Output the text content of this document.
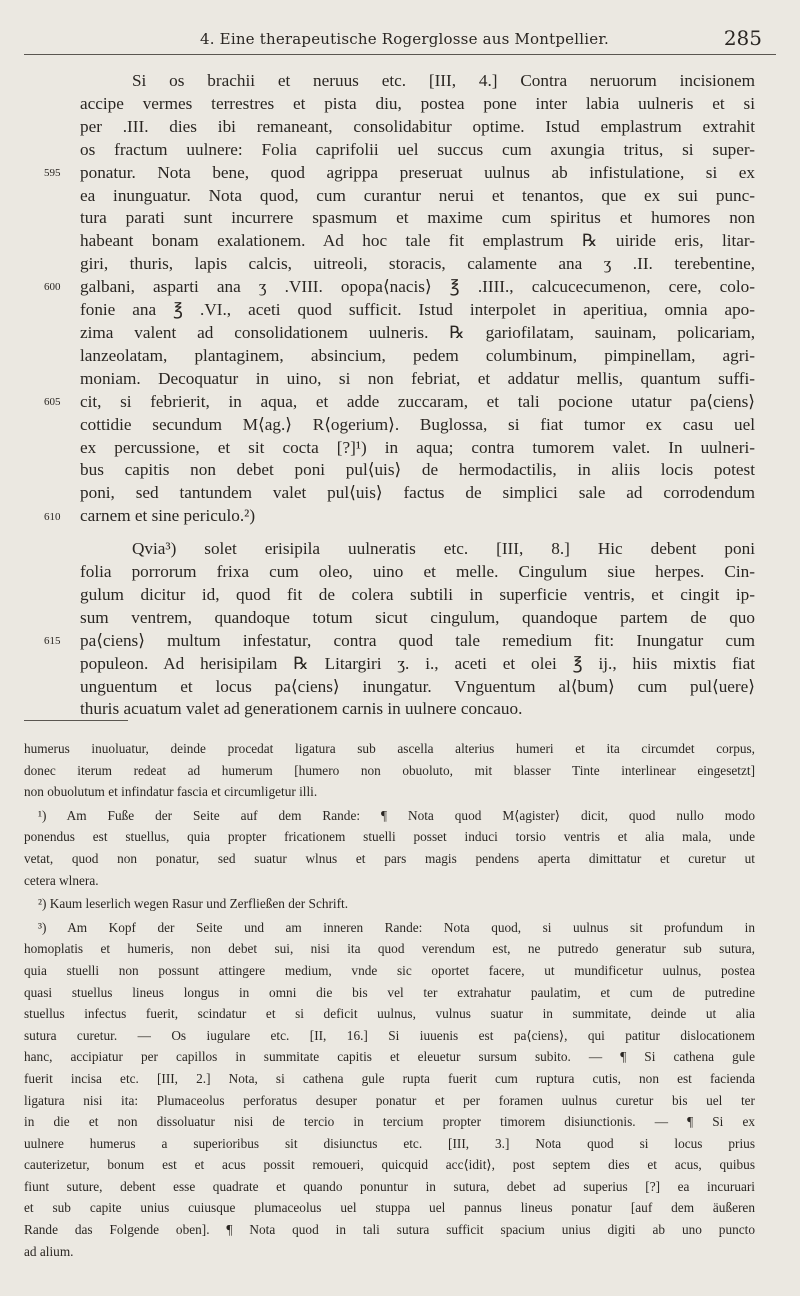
4. Eine therapeutische Rogerglosse aus Montpellier.	285
595
600
605
610
615
Si os brachii et neruus etc. [III, 4.] Contra neruorum incisionem
accipe vermes terrestres et pista diu, postea pone inter labia uulneris et si
per .III. dies ibi remaneant, consolidabitur optime. Istud emplastrum extrahit
os fractum uulnere: Folia caprifolii uel succus cum axungia tritus, si super-
ponatur. Nota bene, quod agrippa preseruat uulnus ab infistulatione, si ex
ea inunguatur. Nota quod, cum curantur nerui et tenantos, que ex sui punc-
tura parati sunt incurrere spasmum et maxime cum spiritus et humores non
habeant bonam exalationem. Ad hoc tale fit emplastrum ℞ uiride eris, litar-
giri, thuris, lapis calcis, uitreoli, storacis, calamente ana ʒ .II. terebentine,
galbani, asparti ana ʒ .VIII. opopa⟨nacis⟩ ℥ .IIII., calcucecumenon, cere, colo-
fonie ana ℥ .VI., aceti quod sufficit. Istud interpolet in aperitiua, omnia apo-
zima valent ad consolidationem uulneris. ℞ gariofilatam, sauinam, policariam,
lanzeolatam, plantaginem, absincium, pedem columbinum, pimpinellam, agri-
moniam. Decoquatur in uino, si non febriat, et addatur mellis, quantum suffi-
cit, si febrierit, in aqua, et adde zuccaram, et tali pocione utatur pa⟨ciens⟩
cottidie secundum M⟨ag.⟩ R⟨ogerium⟩. Buglossa, si fiat tumor ex casu uel
ex percussione, et sit cocta [?]¹) in aqua; contra tumorem valet. In uulneri-
bus capitis non debet poni pul⟨uis⟩ de hermodactilis, in aliis locis potest
poni, sed tantundem valet pul⟨uis⟩ factus de simplici sale ad corrodendum
carnem et sine periculo.²)
Qvia³) solet erisipila uulneratis etc. [III, 8.] Hic debent poni
folia porrorum frixa cum oleo, uino et melle. Cingulum siue herpes. Cin-
gulum dicitur id, quod fit de colera subtili in superficie ventris, et cingit ip-
sum ventrem, quandoque totum sicut cingulum, quandoque partem de quo
pa⟨ciens⟩ multum infestatur, contra quod tale remedium fit: Inungatur cum
populeon. Ad herisipilam ℞ Litargiri ʒ. i., aceti et olei ℥ ij., hiis mixtis fiat
unguentum et locus pa⟨ciens⟩ inungatur. Vnguentum al⟨bum⟩ cum pul⟨uere⟩
thuris acuatum valet ad generationem carnis in uulnere concauo.
humerus inuoluatur, deinde procedat ligatura sub ascella alterius humeri et ita circumdet corpus,
donec iterum redeat ad humerum [humero non obuoluto, mit blasser Tinte interlinear eingesetzt]
non obuolutum et infindatur fascia et circumligetur illi.
¹) Am Fuße der Seite auf dem Rande: ¶ Nota quod M⟨agister⟩ dicit, quod nullo modo
ponendus est stuellus, quia propter fricationem stuelli posset induci torsio ventris et alia mala, unde
vetat, quod non ponatur, sed suatur wlnus et pars magis pendens aperta dimittatur et curetur ut
cetera wlnera.
²) Kaum leserlich wegen Rasur und Zerfließen der Schrift.
³) Am Kopf der Seite und am inneren Rande: Nota quod, si uulnus sit profundum in
homoplatis et humeris, non debet sui, nisi ita quod verendum est, ne putredo generatur sub sutura,
quia stuelli non possunt attingere medium, vnde sic oportet facere, ut mundificetur uulnus, postea
quasi stuellus lineus longus in omni die bis vel ter extrahatur paulatim, et cum de putredine
stuellus infectus fuerit, scindatur et si deficit uulnus, vulnus suatur in summitate, deinde ut alia
sutura curetur. — Os iugulare etc. [II, 16.] Si iuuenis est pa⟨ciens⟩, qui patitur dislocationem
hanc, accipiatur per capillos in summitate capitis et eleuetur sursum subito. — ¶ Si cathena gule
fuerit incisa etc. [III, 2.] Nota, si cathena gule rupta fuerit cum ruptura cutis, non est facienda
ligatura nisi ita: Plumaceolus perforatus desuper ponatur et per foramen uulnus curetur bis uel ter
in die et non dissoluatur nisi de tercio in tercium propter timorem disiunctionis. — ¶ Si ex
uulnere humerus a superioribus sit disiunctus etc. [III, 3.] Nota quod si locus prius
cauterizetur, bonum est et acus possit remoueri, quicquid acc⟨idit⟩, post septem dies et acus, quibus
fiunt suture, debent esse quadrate et quando ponuntur in sutura, debet ad superius [?] ea incuruari
et sub capite unius cuiusque plumaceolus uel stuppa uel pannus lineus ponatur [auf dem äußeren
Rande das Folgende oben]. ¶ Nota quod in tali sutura sufficit spacium unius digiti ab uno puncto
ad alium.
